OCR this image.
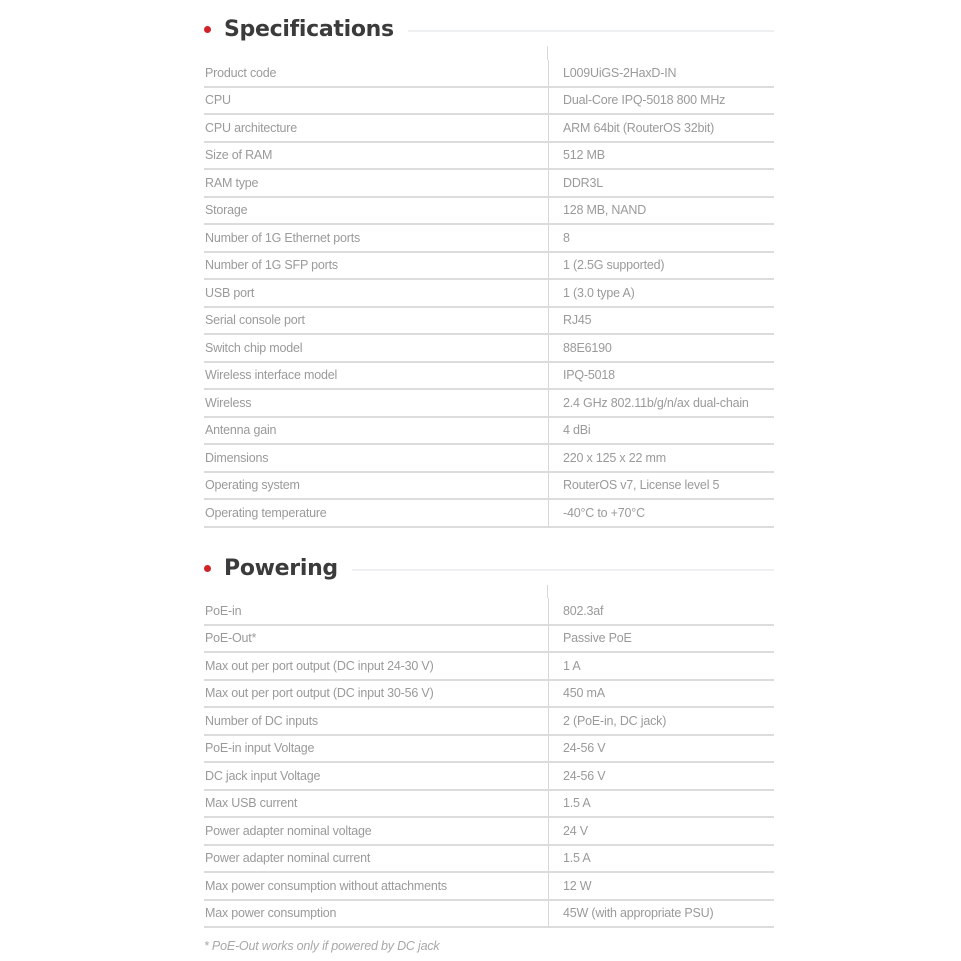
Specifications
Product code	L009UiGS-2HaxD-IN
CPU	Dual-Core IPQ-5018 800 MHz
CPU architecture	ARM 64bit (RouterOS 32bit)
Size of RAM	512 MB
RAM type	DDR3L
Storage	128 MB, NAND
Number of 1G Ethernet ports	8
Number of 1G SFP ports	1 (2.5G supported)
USB port	1 (3.0 type A)
Serial console port	RJ45
Switch chip model	88E6190
Wireless interface model	IPQ-5018
Wireless	2.4 GHz 802.11b/g/n/ax dual-chain
Antenna gain	4 dBi
Dimensions	220 x 125 x 22 mm
Operating system	RouterOS v7, License level 5
Operating temperature	-40°C to +70°C
Powering
PoE-in	802.3af
PoE-Out*	Passive PoE
Max out per port output (DC input 24-30 V)	1 A
Max out per port output (DC input 30-56 V)	450 mA
Number of DC inputs	2 (PoE-in, DC jack)
PoE-in input Voltage	24-56 V
DC jack input Voltage	24-56 V
Max USB current	1.5 A
Power adapter nominal voltage	24 V
Power adapter nominal current	1.5 A
Max power consumption without attachments	12 W
Max power consumption	45W (with appropriate PSU)
* PoE-Out works only if powered by DC jack
